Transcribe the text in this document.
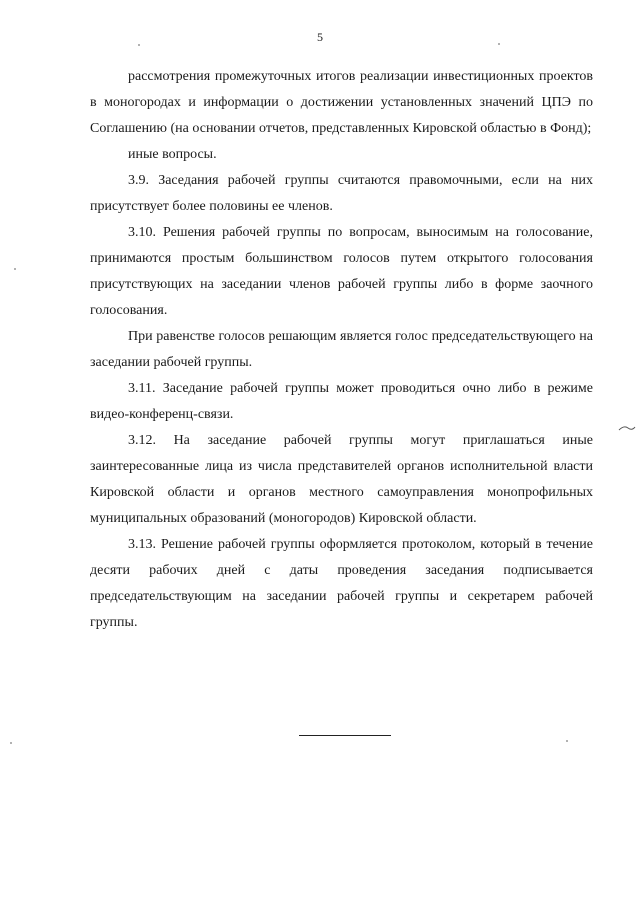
5

рассмотрения промежуточных итогов реализации инвестиционных проектов в моногородах и информации о достижении установленных значений ЦПЭ по Соглашению (на основании отчетов, представленных Кировской областью в Фонд);

иные вопросы.

3.9. Заседания рабочей группы считаются правомочными, если на них присутствует более половины ее членов.

3.10. Решения рабочей группы по вопросам, выносимым на голосование, принимаются простым большинством голосов путем открытого голосования присутствующих на заседании членов рабочей группы либо в форме заочного голосования.

При равенстве голосов решающим является голос председательствующего на заседании рабочей группы.

3.11. Заседание рабочей группы может проводиться очно либо в режиме видео-конференц-связи.

3.12. На заседание рабочей группы могут приглашаться иные заинтересованные лица из числа представителей органов исполнительной власти Кировской области и органов местного самоуправления монопрофильных муниципальных образований (моногородов) Кировской области.

3.13. Решение рабочей группы оформляется протоколом, который в течение десяти рабочих дней с даты проведения заседания подписывается председательствующим на заседании рабочей группы и секретарем рабочей группы.
